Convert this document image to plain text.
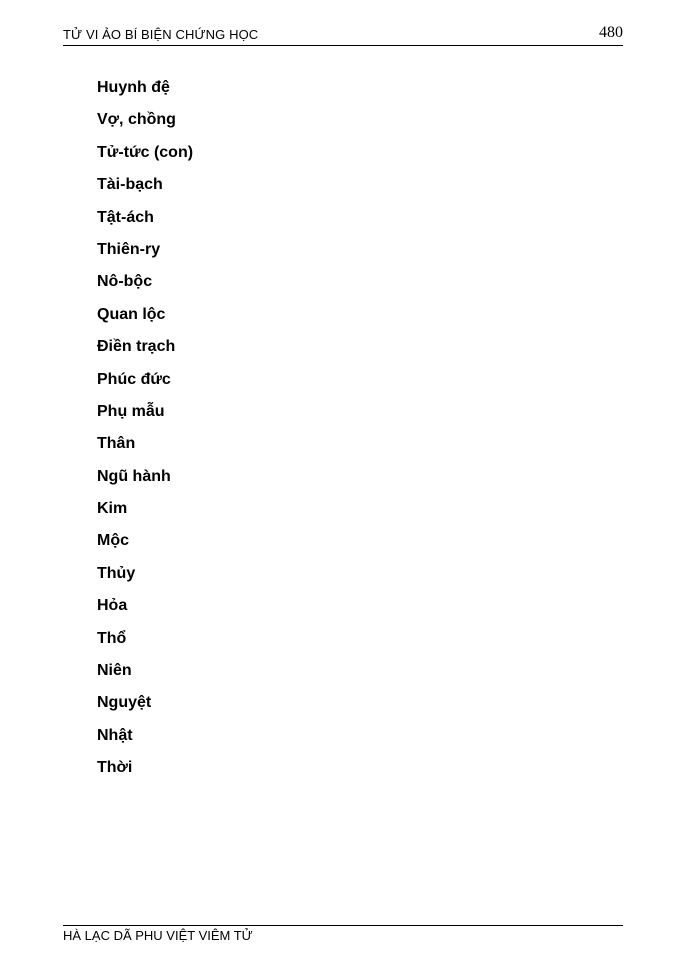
TỬ VI ẢO BÍ BIỆN CHỨNG HỌC	480
Huynh đệ
Vợ, chồng
Tử-tức (con)
Tài-bạch
Tật-ách
Thiên-ry
Nô-bộc
Quan lộc
Điền trạch
Phúc đức
Phụ mẫu
Thân
Ngũ hành
Kim
Mộc
Thủy
Hỏa
Thổ
Niên
Nguyệt
Nhật
Thời
HÀ LẠC DÃ PHU VIỆT VIÊM TỬ
